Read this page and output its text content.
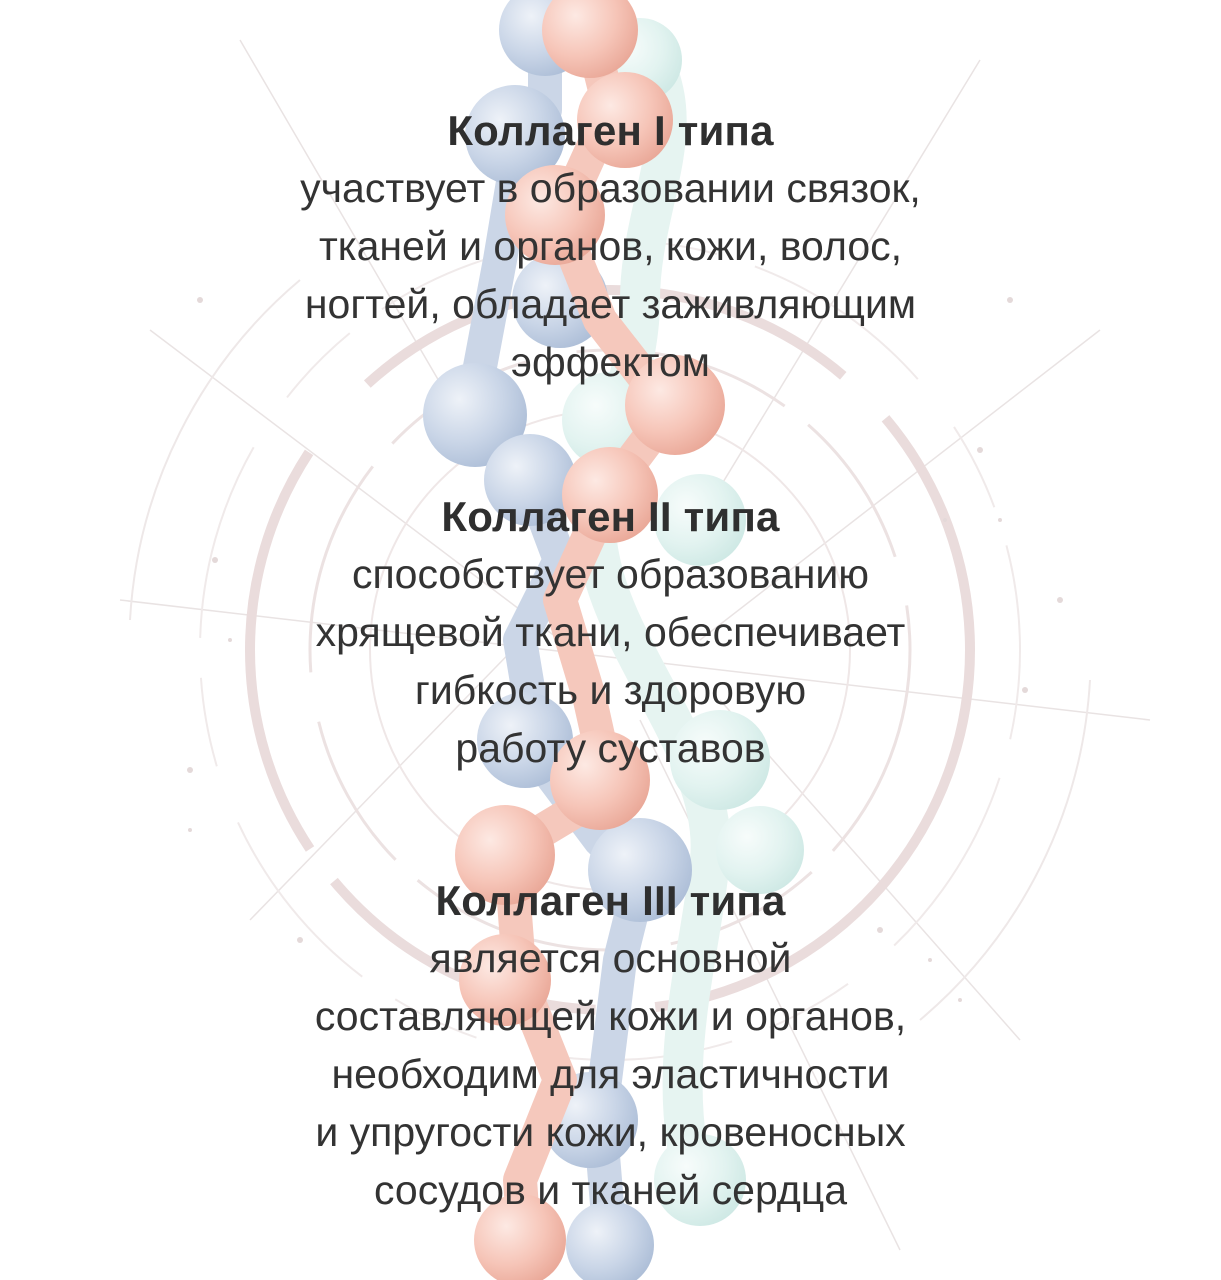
Коллаген I типа
участвует в образовании связок,
тканей и органов, кожи, волос,
ногтей, обладает заживляющим
эффектом
Коллаген II типа
способствует образованию
хрящевой ткани, обеспечивает
гибкость и здоровую
работу суставов
Коллаген III типа
является основной
составляющей кожи и органов,
необходим для эластичности
и упругости кожи, кровеносных
сосудов и тканей сердца
